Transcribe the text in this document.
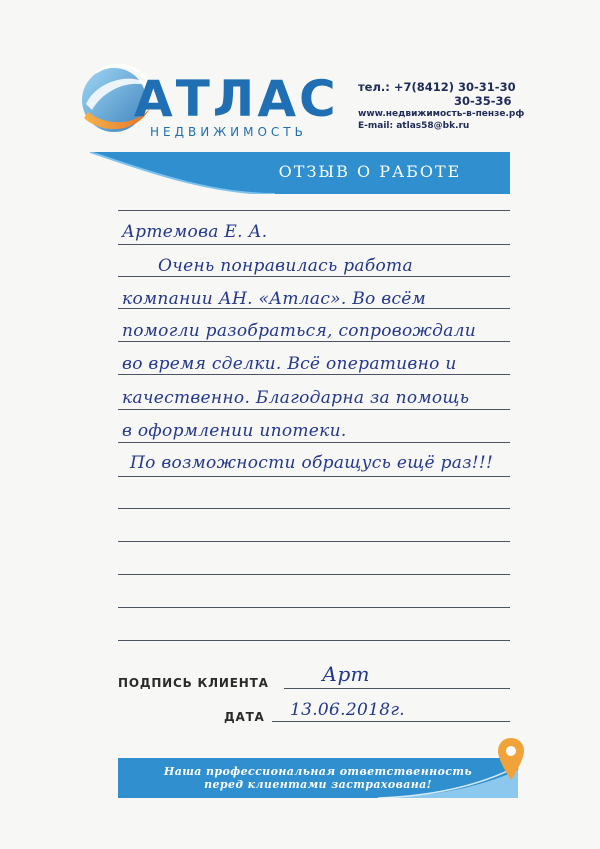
АТЛАС
НЕДВИЖИМОСТЬ
тел.: +7(8412) 30-31-30
30-35-36
www.недвижимость-в-пензе.рф
E-mail: atlas58@bk.ru
ОТЗЫВ О РАБОТЕ
Артемова Е. А.
Очень понравилась работа
компании АН. «Атлас». Во всём
помогли разобраться, сопровождали
во время сделки. Всё оперативно и
качественно. Благодарна за помощь
в оформлении ипотеки.
По возможности обращусь ещё раз!!!
ПОДПИСЬ КЛИЕНТА	Арт
ДАТА 13.06.2018г.
Наша профессиональная ответственность
перед клиентами застрахована!
